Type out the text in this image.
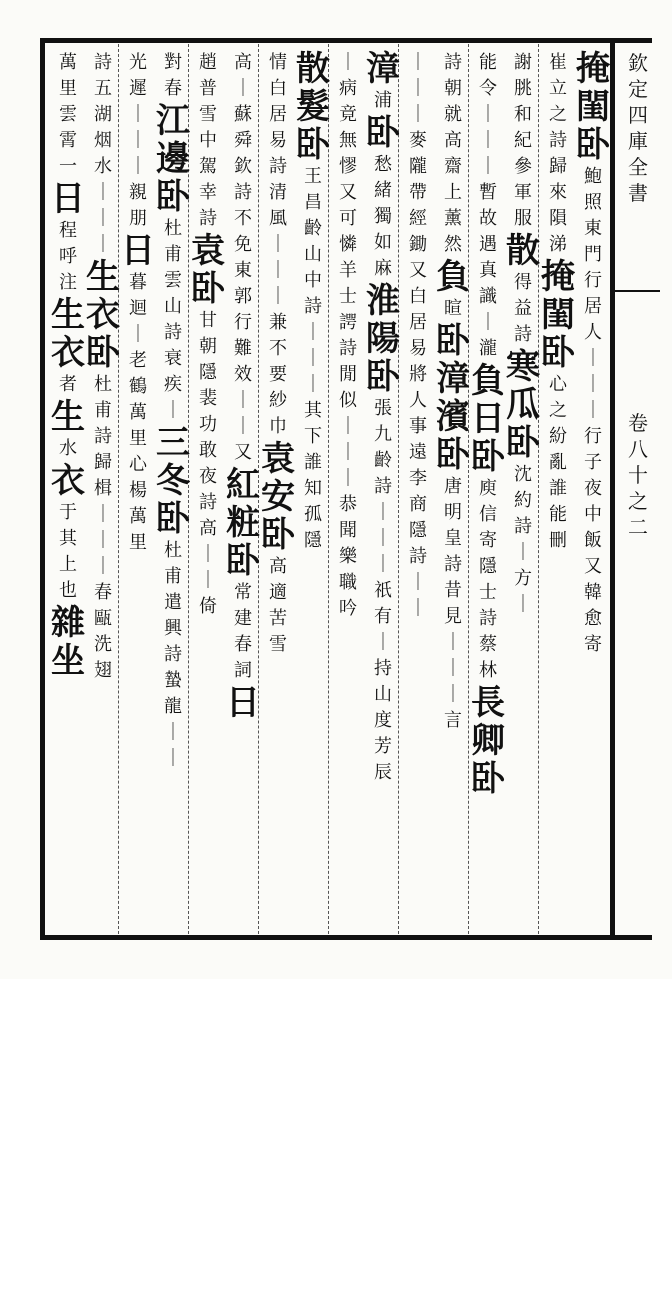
欽
定
四
庫
全
書
卷
八
十
之
二
掩
閨
卧
鮑
照
東
門
行
居
人
｜
｜
｜
行
子
夜
中
飯
又
韓
愈
寄
崔
立
之
詩
歸
來
隕
涕
掩
閨
卧
心
之
紛
亂
誰
能
刪
謝
朓
和
紀
參
軍
服
散
得
益
詩
寒
瓜
卧
沈
約
詩
｜
方
｜
能
令
｜
｜
｜
暫
故
遇
真
識
｜
瀧
負
日
卧
庾
信
寄
隱
士
詩
蔡
林
長
卿
卧
詩
朝
就
高
齋
上
薰
然
負
暄
卧
漳
濱
卧
唐
明
皇
詩
昔
見
｜
｜
｜
言
｜
｜
｜
麥
隴
帶
經
鋤
又
白
居
易
將
人
事
遠
李
商
隱
詩
｜
｜
漳
浦
卧
愁
緒
獨
如
麻
淮
陽
卧
張
九
齡
詩
｜
｜
｜
祇
有
｜
持
山
度
芳
辰
｜
病
竟
無
憀
又
可
憐
羊
士
諤
詩
閒
似
｜
｜
｜
恭
聞
樂
職
吟
散
髮
卧
王
昌
齡
山
中
詩
｜
｜
｜
其
下
誰
知
孤
隱
情
白
居
易
詩
清
風
｜
｜
｜
兼
不
要
紗
巾
袁
安
卧
高
適
苦
雪
高
｜
蘇
舜
欽
詩
不
免
東
郭
行
難
效
｜
｜
又
紅
粧
卧
常
建
春
詞
日
趙
普
雪
中
駕
幸
詩
袁
卧
甘
朝
隱
裴
功
敢
夜
詩
高
｜
｜
倚
對
春
江
邊
卧
杜
甫
雲
山
詩
衰
疾
｜
三
冬
卧
杜
甫
遣
興
詩
蟄
龍
｜
｜
光
遲
｜
｜
｜
親
朋
日
暮
迴
｜
老
鶴
萬
里
心
楊
萬
里
詩
五
湖
烟
水
｜
｜
｜
生
衣
卧
杜
甫
詩
歸
楫
｜
｜
｜
春
甌
洗
翅
萬
里
雲
霄
一
日
程
呼
注
生
衣
者
生
水
衣
于
其
上
也
雜
坐
